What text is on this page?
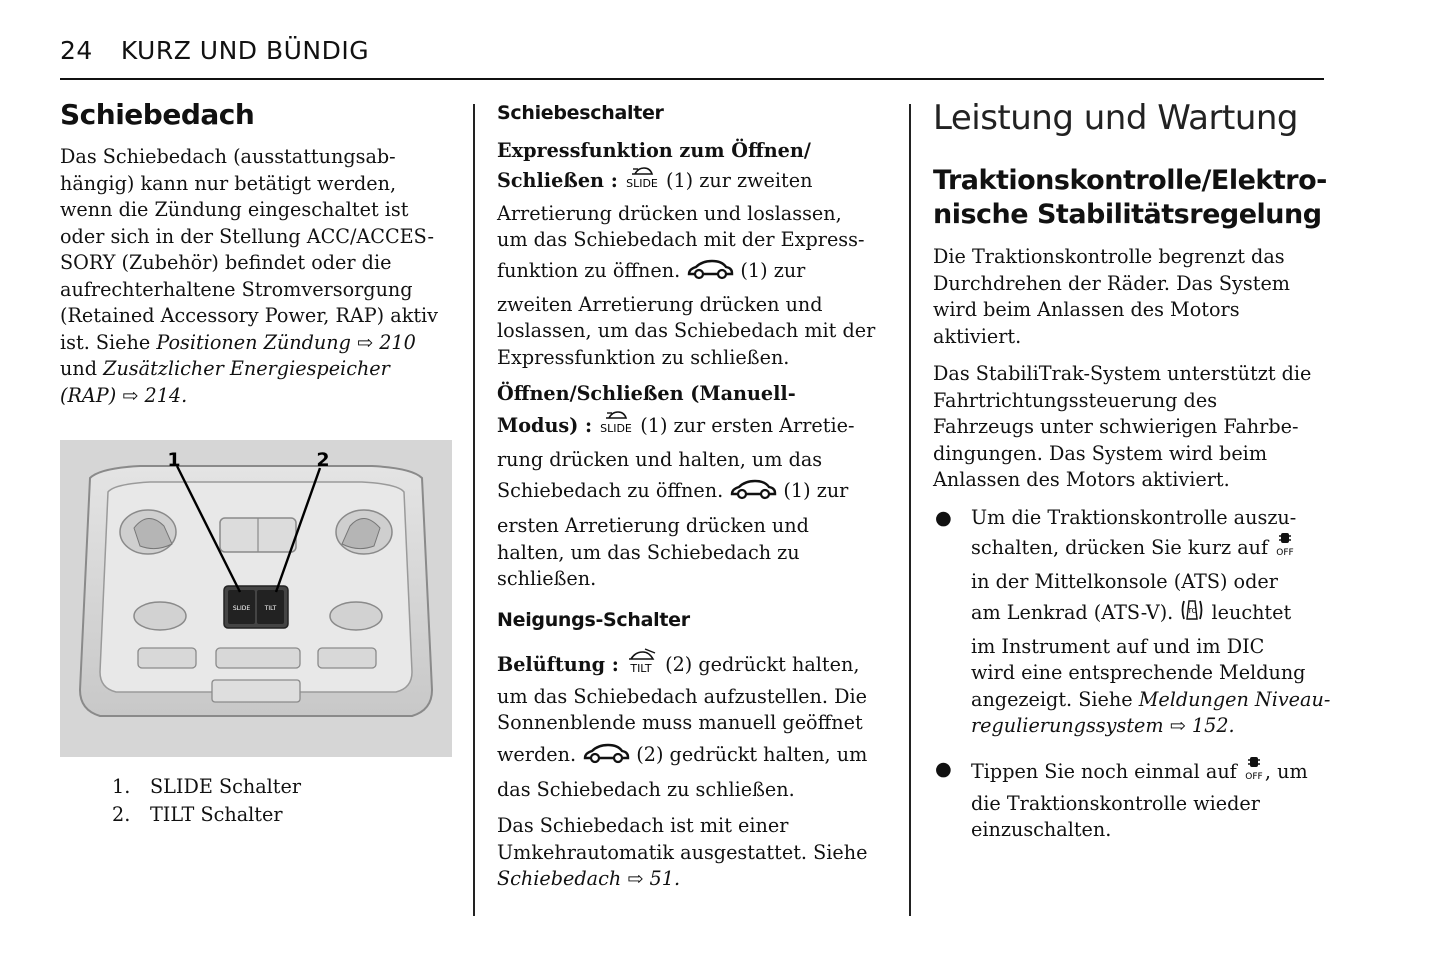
24 KURZ UND BÜNDIG

Schiebedach

Das Schiebedach (ausstattungsab-
hängig) kann nur betätigt werden,
wenn die Zündung eingeschaltet ist
oder sich in der Stellung ACC/ACCES-
SORY (Zubehör) befindet oder die
aufrechterhaltene Stromversorgung
(Retained Accessory Power, RAP) aktiv
ist. Siehe Positionen Zündung ⇨ 210
und Zusätzlicher Energiespeicher
(RAP) ⇨ 214.
SLIDE TILT
1	2
1. SLIDE Schalter
2. TILT Schalter

Schiebeschalter

Expressfunktion zum Öffnen/
Schließen : SLIDE (1) zur zweiten
Arretierung drücken und loslassen,
um das Schiebedach mit der Express-
funktion zu öffnen.	(1) zur
zweiten Arretierung drücken und
loslassen, um das Schiebedach mit der
Expressfunktion zu schließen.
Öffnen/Schließen (Manuell-
Modus) : SLIDE (1) zur ersten Arretie-
rung drücken und halten, um das
Schiebedach zu öffnen.	(1) zur
ersten Arretierung drücken und
halten, um das Schiebedach zu
schließen.

Neigungs-Schalter

Belüftung : TILT (2) gedrückt halten,
um das Schiebedach aufzustellen. Die
Sonnenblende muss manuell geöffnet
werden.	(2) gedrückt halten, um
das Schiebedach zu schließen.
Das Schiebedach ist mit einer
Umkehrautomatik ausgestattet. Siehe
Schiebedach ⇨ 51.

Leistung und Wartung

Traktionskontrolle/Elektro-

nische Stabilitätsregelung

Die Traktionskontrolle begrenzt das
Durchdrehen der Räder. Das System
wird beim Anlassen des Motors
aktiviert.
Das StabiliTrak-System unterstützt die
Fahrtrichtungssteuerung des
Fahrzeugs unter schwierigen Fahrbe-
dingungen. Das System wird beim
Anlassen des Motors aktiviert.
● Um die Traktionskontrolle auszu-
schalten, drücken Sie kurz auf OFF
in der Mittelkonsole (ATS) oder
am Lenkrad (ATS-V). TC leuchtet
im Instrument auf und im DIC
wird eine entsprechende Meldung
angezeigt. Siehe Meldungen Niveau-
regulierungssystem ⇨ 152.
● Tippen Sie noch einmal auf OFF , um
die Traktionskontrolle wieder
einzuschalten.
